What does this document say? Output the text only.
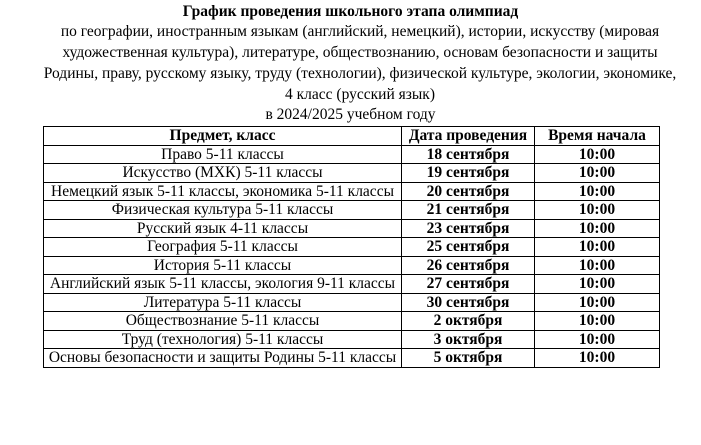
График проведения школьного этапа олимпиад
по географии, иностранным языкам (английский, немецкий), истории, искусству (мировая художественная культура), литературе, обществознанию, основам безопасности и защиты Родины, праву, русскому языку, труду (технологии), физической культуре, экологии, экономике, 4 класс (русский язык)
в 2024/2025 учебном году
Предмет, класс	Дата проведения	Время начала
Право 5-11 классы	18 сентября	10:00
Искусство (МХК) 5-11 классы	19 сентября	10:00
Немецкий язык 5-11 классы, экономика 5-11 классы	20 сентября	10:00
Физическая культура 5-11 классы	21 сентября	10:00
Русский язык 4-11 классы	23 сентября	10:00
География 5-11 классы	25 сентября	10:00
История 5-11 классы	26 сентября	10:00
Английский язык 5-11 классы, экология 9-11 классы	27 сентября	10:00
Литература 5-11 классы	30 сентября	10:00
Обществознание 5-11 классы	2 октября	10:00
Труд (технология) 5-11 классы	3 октября	10:00
Основы безопасности и защиты Родины 5-11 классы	5 октября	10:00
